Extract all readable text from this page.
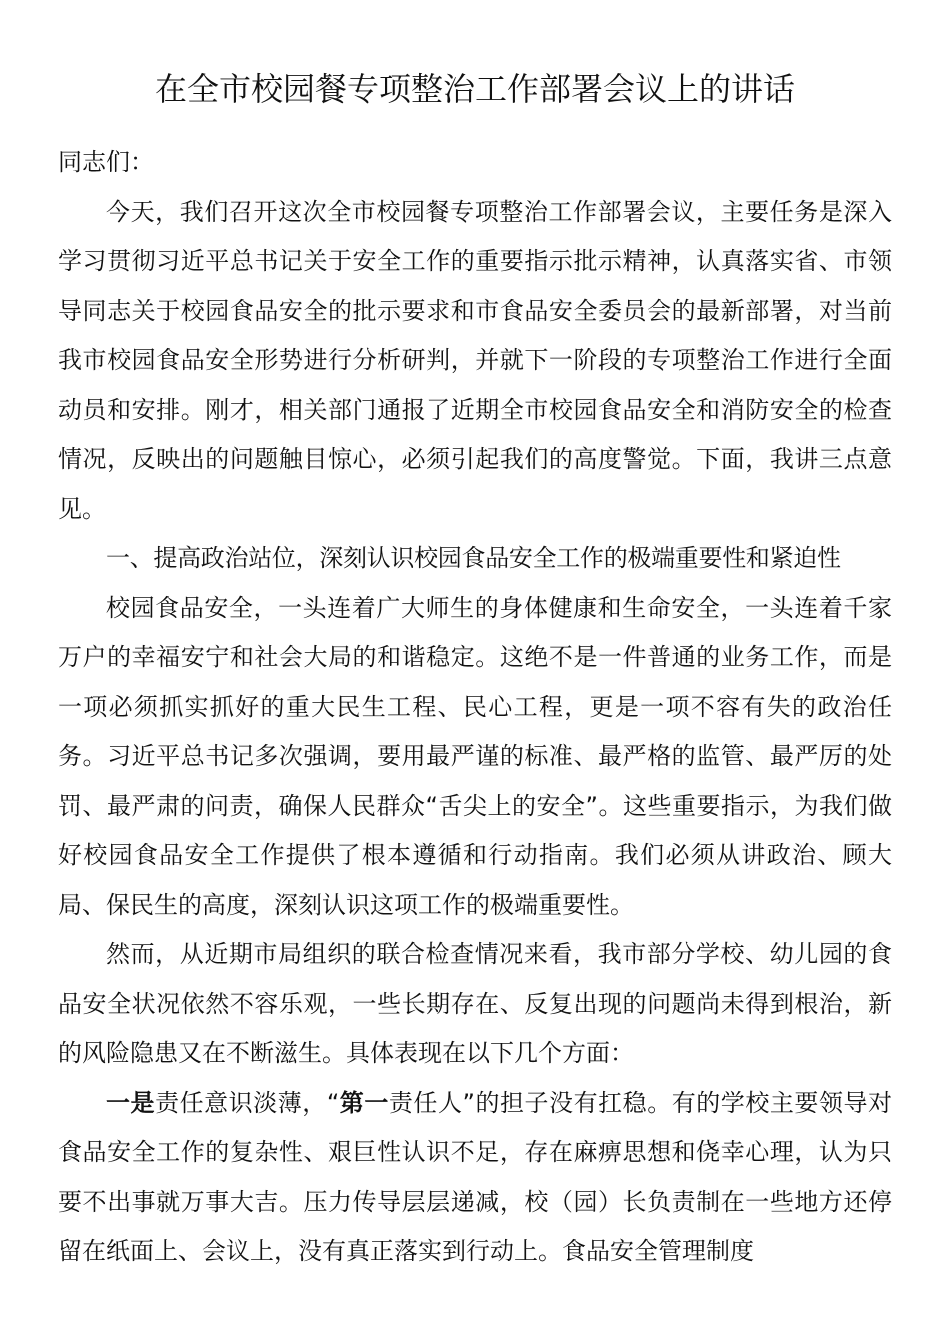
在全市校园餐专项整治工作部署会议上的讲话

同志们：

今天，我们召开这次全市校园餐专项整治工作部署会议，主要任务是深入学习贯彻习近平总书记关于安全工作的重要指示批示精神，认真落实省、市领导同志关于校园食品安全的批示要求和市食品安全委员会的最新部署，对当前我市校园食品安全形势进行分析研判，并就下一阶段的专项整治工作进行全面动员和安排。刚才，相关部门通报了近期全市校园食品安全和消防安全的检查情况，反映出的问题触目惊心，必须引起我们的高度警觉。下面，我讲三点意见。

一、提高政治站位，深刻认识校园食品安全工作的极端重要性和紧迫性

校园食品安全，一头连着广大师生的身体健康和生命安全，一头连着千家万户的幸福安宁和社会大局的和谐稳定。这绝不是一件普通的业务工作，而是一项必须抓实抓好的重大民生工程、民心工程，更是一项不容有失的政治任务。习近平总书记多次强调，要用最严谨的标准、最严格的监管、最严厉的处罚、最严肃的问责，确保人民群众“舌尖上的安全”。这些重要指示，为我们做好校园食品安全工作提供了根本遵循和行动指南。我们必须从讲政治、顾大局、保民生的高度，深刻认识这项工作的极端重要性。

然而，从近期市局组织的联合检查情况来看，我市部分学校、幼儿园的食品安全状况依然不容乐观，一些长期存在、反复出现的问题尚未得到根治，新的风险隐患又在不断滋生。具体表现在以下几个方面：

一是责任意识淡薄，“第一责任人”的担子没有扛稳。有的学校主要领导对食品安全工作的复杂性、艰巨性认识不足，存在麻痹思想和侥幸心理，认为只要不出事就万事大吉。压力传导层层递减，校（园）长负责制在一些地方还停留在纸面上、会议上，没有真正落实到行动上。食品安全管理制度
